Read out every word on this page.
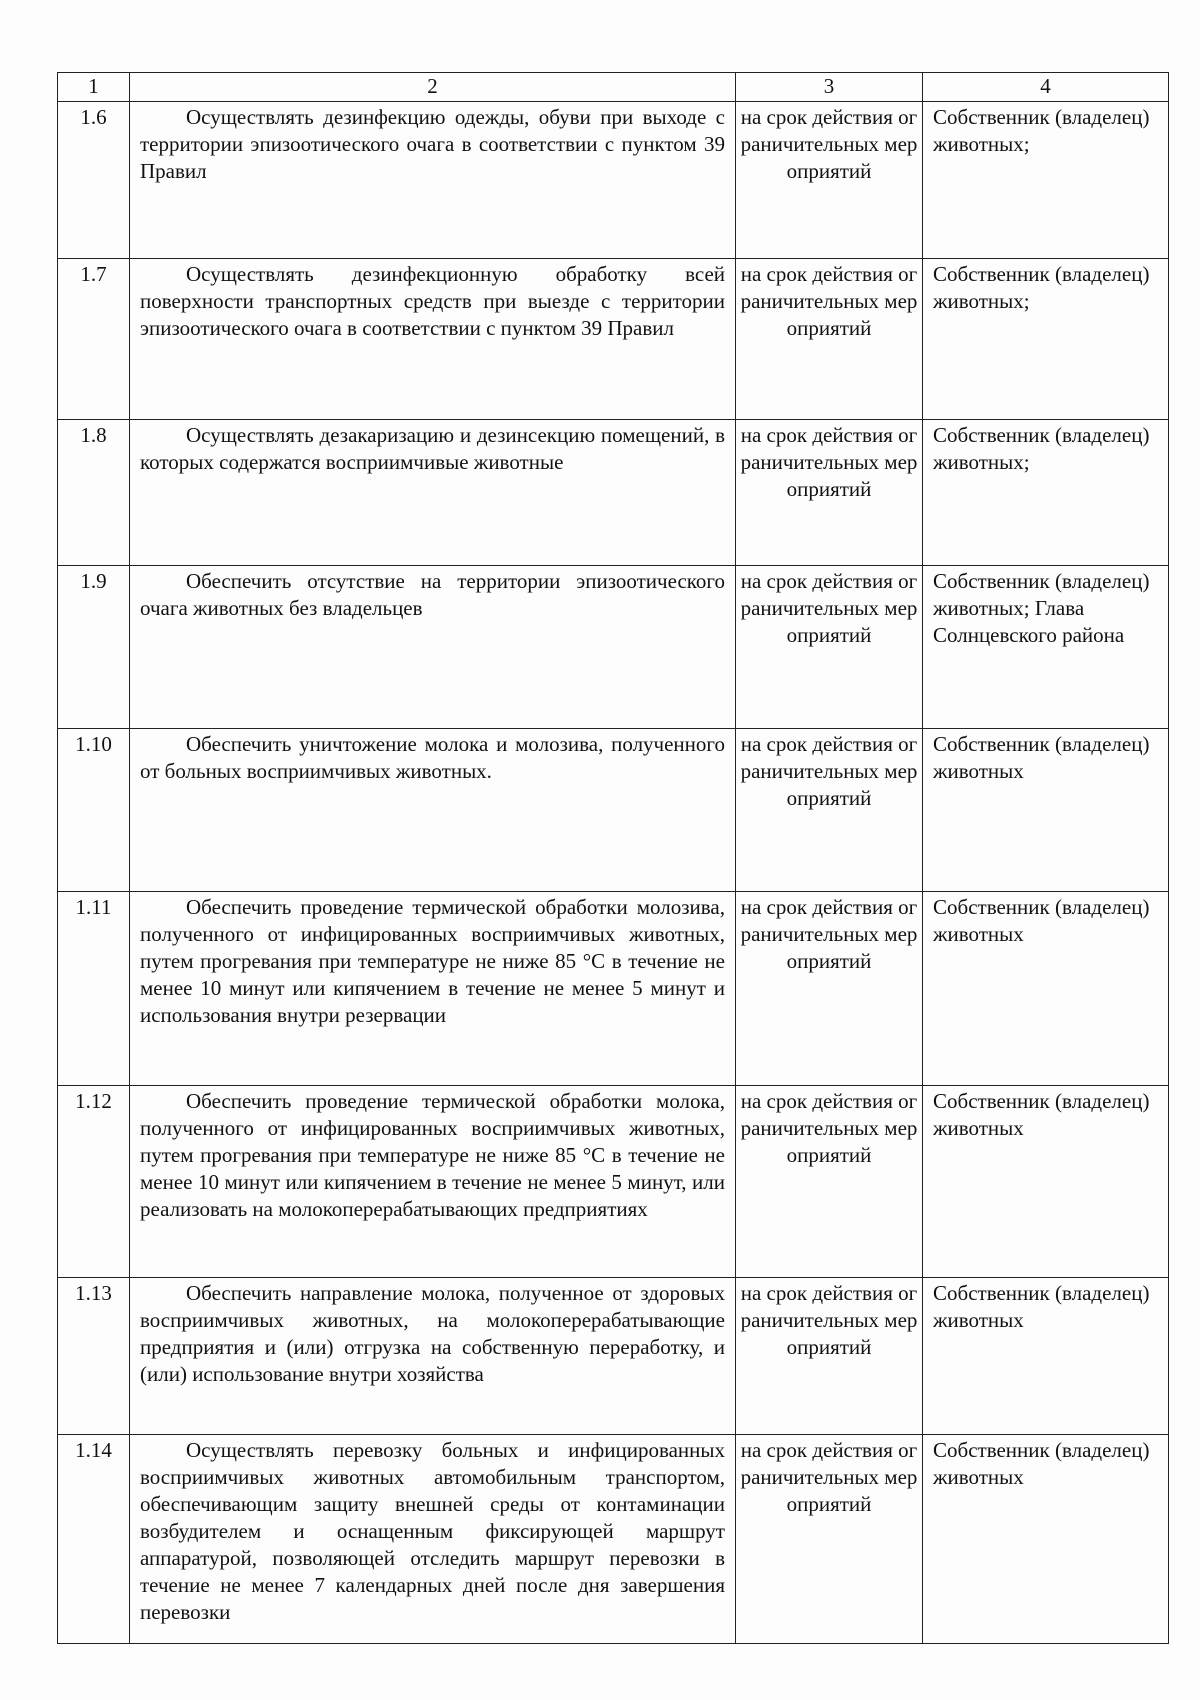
1	2	3	4
1.6	Осуществлять дезинфекцию одежды, обуви при выходе с территории эпизоотического очага в соответствии с пунктом 39 Правил	на срок действия ограничительных мероприятий	Собственник (владелец) животных;
1.7	Осуществлять дезинфекционную обработку всей поверхности транспортных средств при выезде с территории эпизоотического очага в соответствии с пунктом 39 Правил	на срок действия ограничительных мероприятий	Собственник (владелец) животных;
1.8	Осуществлять дезакаризацию и дезинсекцию помещений, в которых содержатся восприимчивые животные	на срок действия ограничительных мероприятий	Собственник (владелец) животных;
1.9	Обеспечить отсутствие на территории эпизоотического очага животных без владельцев	на срок действия ограничительных мероприятий	Собственник (владелец) животных; Глава Солнцевского района
1.10	Обеспечить уничтожение молока и молозива, полученного от больных восприимчивых животных.	на срок действия ограничительных мероприятий	Собственник (владелец) животных
1.11	Обеспечить проведение термической обработки молозива, полученного от инфицированных восприимчивых животных, путем прогревания при температуре не ниже 85 °C в течение не менее 10 минут или кипячением в течение не менее 5 минут и использования внутри резервации	на срок действия ограничительных мероприятий	Собственник (владелец) животных
1.12	Обеспечить проведение термической обработки молока, полученного от инфицированных восприимчивых животных, путем прогревания при температуре не ниже 85 °C в течение не менее 10 минут или кипячением в течение не менее 5 минут, или реализовать на молокоперерабатывающих предприятиях	на срок действия ограничительных мероприятий	Собственник (владелец) животных
1.13	Обеспечить направление молока, полученное от здоровых восприимчивых животных, на молокоперерабатывающие предприятия и (или) отгрузка на собственную переработку, и (или) использование внутри хозяйства	на срок действия ограничительных мероприятий	Собственник (владелец) животных
1.14	Осуществлять перевозку больных и инфицированных восприимчивых животных автомобильным транспортом, обеспечивающим защиту внешней среды от контаминации возбудителем и оснащенным фиксирующей маршрут аппаратурой, позволяющей отследить маршрут перевозки в течение не менее 7 календарных дней после дня завершения перевозки	на срок действия ограничительных мероприятий	Собственник (владелец) животных
